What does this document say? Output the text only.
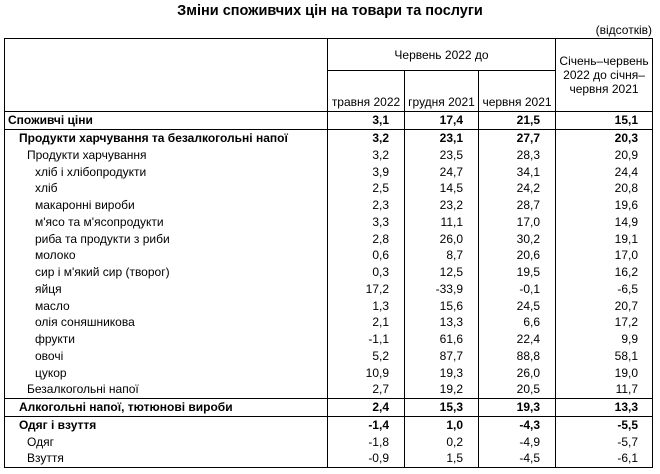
Зміни споживчих цін на товари та послуги
(відсотків)
	Червень 2022 до			Січень–червень 2022 до січня–червня 2021
	травня 2022	грудня 2021	червня 2021	
Споживчі ціни	3,1	17,4	21,5	15,1
Продукти харчування та безалкогольні напої	3,2	23,1	27,7	20,3
Продукти харчування	3,2	23,5	28,3	20,9
хліб і хлібопродукти	3,9	24,7	34,1	24,4
хліб	2,5	14,5	24,2	20,8
макаронні вироби	2,3	23,2	28,7	19,6
м'ясо та м'ясопродукти	3,3	11,1	17,0	14,9
риба та продукти з риби	2,8	26,0	30,2	19,1
молоко	0,6	8,7	20,6	17,0
сир і м'який сир (творог)	0,3	12,5	19,5	16,2
яйця	17,2	-33,9	-0,1	-6,5
масло	1,3	15,6	24,5	20,7
олія соняшникова	2,1	13,3	6,6	17,2
фрукти	-1,1	61,6	22,4	9,9
овочі	5,2	87,7	88,8	58,1
цукор	10,9	19,3	26,0	19,0
Безалкогольні напої	2,7	19,2	20,5	11,7
Алкогольні напої, тютюнові вироби	2,4	15,3	19,3	13,3
Одяг і взуття	-1,4	1,0	-4,3	-5,5
Одяг	-1,8	0,2	-4,9	-5,7
Взуття	-0,9	1,5	-4,5	-6,1
